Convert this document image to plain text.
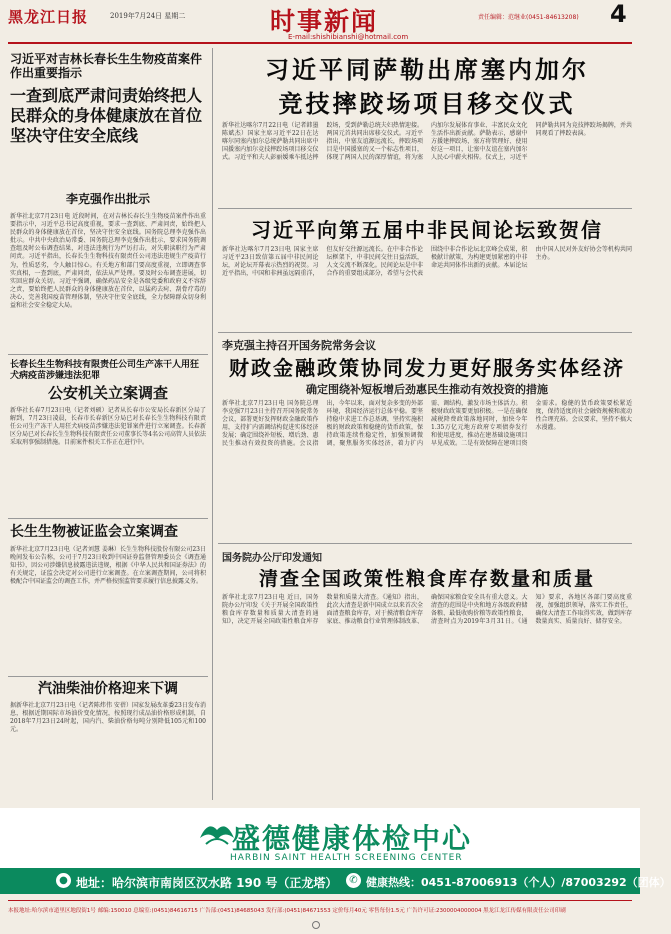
黑龙江日报	2019年7月24日 星期二	时事新闻
E-mail:shishibianshi@hotmail.com
责任编辑：范继业(0451-84613208) 4
习近平对吉林长春长生生物疫苗案件作出重要指示
一查到底严肃问责始终把人民群众的身体健康放在首位坚决守住安全底线
李克强作出批示
新华社北京7月23日电 近段时间，在对吉林长春长生生物疫苗案件作出重要指示中，习近平总书记高度重视，要求一查到底、严肃问责，始终把人民群众的身体健康放在首位，坚决守住安全底线。国务院总理李克强作出批示。中共中央政治局常委、国务院总理李克强作出批示，要求国务院调查组及时公布调查结果，对违法违规行为严厉打击，对失职渎职行为严肃问责。习近平指出，长春长生生物科技有限责任公司违法违规生产疫苗行为，性质恶劣，令人触目惊心。有关地方和部门要高度重视，立即调查事实真相，一查到底，严肃问责，依法从严处理。要及时公布调查进展，切实回应群众关切。习近平强调，确保药品安全是各级党委和政府义不容辞之责，要始终把人民群众的身体健康放在首位，以猛药去疴、刮骨疗毒的决心，完善我国疫苗管理体制，坚决守住安全底线，全力保障群众切身利益和社会安全稳定大局。
长春长生生物科技有限责任公司生产冻干人用狂犬病疫苗涉嫌违法犯罪
公安机关立案调查
新华社长春7月23日电（记者刘硕）记者从长春市公安局长春新区分局了解到，7月23日凌晨，长春市长春新区分局已对长春长生生物科技有限责任公司生产冻干人用狂犬病疫苗涉嫌违法犯罪案件进行立案调查。长春新区分局已对长春长生生物科技有限责任公司董事长等4名公司高管人员依法采取刑事强制措施。目前案件相关工作正在进行中。
长生生物被证监会立案调查
新华社北京7月23日电（记者刘慧 姜琳）长生生物科技股份有限公司23日晚间发布公告称，公司于7月23日收到中国证券监督管理委员会《调查通知书》，因公司涉嫌信息披露违法违规，根据《中华人民共和国证券法》的有关规定，证监会决定对公司进行立案调查。在立案调查期间，公司将积极配合中国证监会的调查工作，并严格按照监管要求履行信息披露义务。
汽油柴油价格迎来下调
据新华社北京7月23日电（记者陈炜伟 安蓓）国家发展改革委23日发布消息，根据近期国际市场油价变化情况，按照现行成品油价格形成机制，自2018年7月23日24时起，国内汽、柴油价格每吨分别降低105元和100元。
习近平同萨勒出席塞内加尔
竞技摔跤场项目移交仪式
新华社达喀尔7月22日电（记者韩墨 陈斌杰）国家主席习近平22日在达喀尔同塞内加尔总统萨勒共同出席中国援塞内加尔竞技摔跤场项目移交仪式。习近平和夫人彭丽媛乘车抵达摔跤场，受到萨勒总统夫妇热情迎接。两国元首共同出席移交仪式。习近平指出，中塞友谊源远流长，摔跤场项目是中国援塞的又一个标志性项目，体现了两国人民的深厚情谊，将为塞内加尔发展体育事业、丰富民众文化生活作出新贡献。萨勒表示，感谢中方援建摔跤场，塞方将管理好、使用好这一项目，让塞中友谊在塞内加尔人民心中薪火相传。仪式上，习近平同萨勒共同为竞技摔跤场揭牌，并共同观看了摔跤表演。
习近平向第五届中非民间论坛致贺信
新华社达喀尔7月23日电 国家主席习近平23日致信第五届中非民间论坛，对论坛开幕表示热烈的祝贺。习近平指出，中国和非洲虽远隔重洋，但友好交往源远流长。在中非合作论坛框架下，中非民间交往日益活跃，人文交流不断深化。民间论坛是中非合作的重要组成部分，希望与会代表围绕中非合作论坛北京峰会成果，积极献计献策，为构建更加紧密的中非命运共同体作出新的贡献。本届论坛由中国人民对外友好协会等机构共同主办。
李克强主持召开国务院常务会议
财政金融政策协同发力更好服务实体经济
确定围绕补短板增后劲惠民生推动有效投资的措施
新华社北京7月23日电 国务院总理李克强7月23日主持召开国务院常务会议，部署更好发挥财政金融政策作用，支持扩内需调结构促进实体经济发展；确定围绕补短板、增后劲、惠民生推动有效投资的措施。会议指出，今年以来，面对复杂多变的外部环境，我国经济运行总体平稳。要坚持稳中求进工作总基调，坚持实施积极的财政政策和稳健的货币政策，保持政策连续性稳定性，加强预调微调，聚焦服务实体经济，着力扩内需、调结构，激发市场主体活力。积极财政政策要更加积极。一是在确保减税降费政策落地同时，加快今年1.35万亿元地方政府专项债券发行和使用进度，推动在建基础设施项目早见成效。二是有效保障在建项目资金需求。稳健的货币政策要松紧适度，保持适度的社会融资规模和流动性合理充裕。会议要求，坚持不搞大水漫灌。
国务院办公厅印发通知
清查全国政策性粮食库存数量和质量
新华社北京7月23日电 近日，国务院办公厅印发《关于开展全国政策性粮食库存数量和质量大清查的通知》，决定开展全国政策性粮食库存数量和质量大清查。《通知》指出，此次大清查是新中国成立以来首次全面清查粮食库存，对于摸清粮食库存家底、推动粮食行业管理体制改革、确保国家粮食安全具有重大意义。大清查的范围是中央和地方各级政府储备粮、最低收购价粮等政策性粮食，清查时点为2019年3月31日。《通知》要求，各地区各部门要高度重视，加强组织领导，落实工作责任，确保大清查工作取得实效，做到库存数量真实、质量良好、储存安全。
盛德健康体检中心
HARBIN SAINT HEALTH SCREENING CENTER
● 地址：哈尔滨市南岗区汉水路 190 号（正龙塔）	✆ 健康热线：0451-87006913（个人）/87003292（团体）
本报地址:哈尔滨市道里区地段街1号 邮编:150010 总编室:(0451)84616715 广告部:(0451)84685043 发行部:(0451)84671553 定价每月40元 零售每份1.5元 广告许可证:2300004000004 黑龙江龙江传媒有限责任公司印刷
